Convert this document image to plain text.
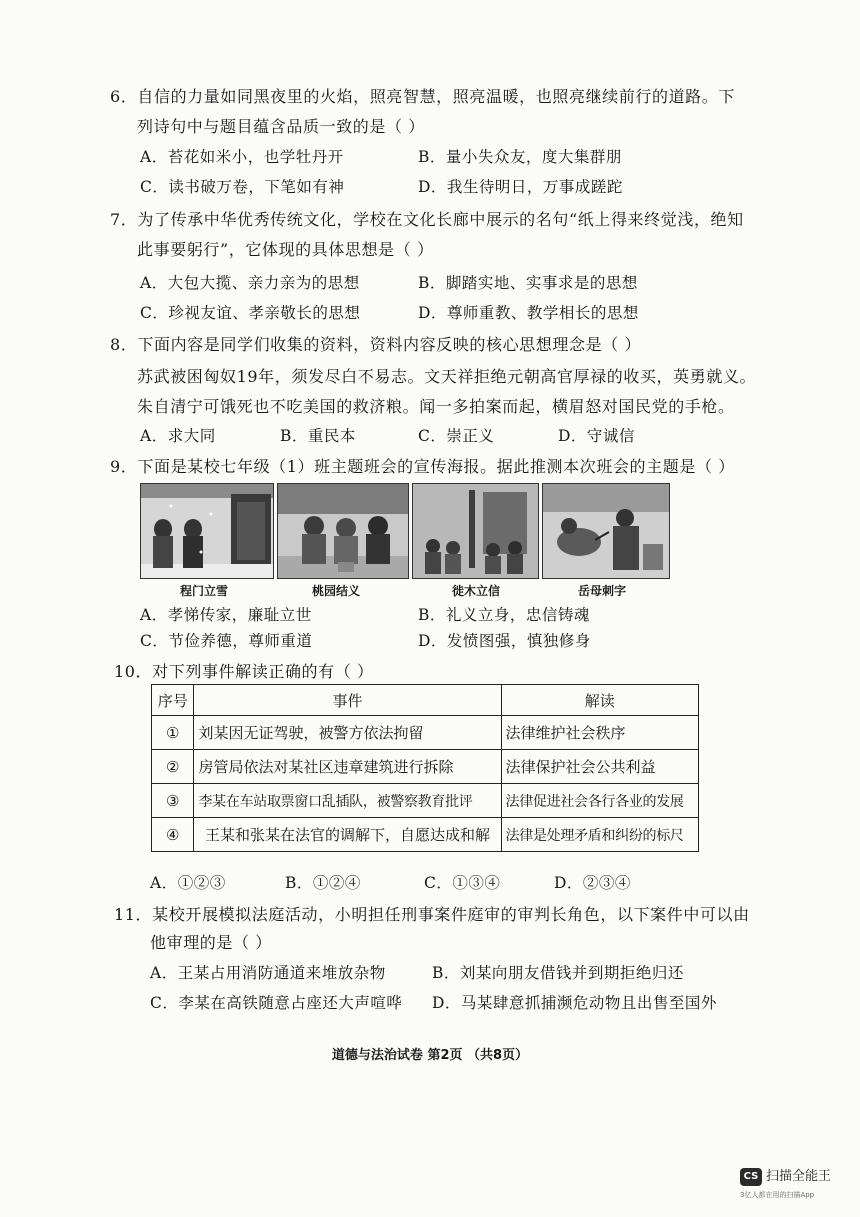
6．自信的力量如同黑夜里的火焰，照亮智慧，照亮温暖，也照亮继续前行的道路。下
列诗句中与题目蕴含品质一致的是（ ）
A．苔花如米小，也学牡丹开	B．量小失众友，度大集群朋
C．读书破万卷，下笔如有神	D．我生待明日，万事成蹉跎
7．为了传承中华优秀传统文化，学校在文化长廊中展示的名句“纸上得来终觉浅，绝知
此事要躬行”，它体现的具体思想是（ ）
A．大包大揽、亲力亲为的思想	B．脚踏实地、实事求是的思想
C．珍视友谊、孝亲敬长的思想	D．尊师重教、教学相长的思想
8．下面内容是同学们收集的资料，资料内容反映的核心思想理念是（ ）
苏武被困匈奴19年，须发尽白不易志。文天祥拒绝元朝高官厚禄的收买，英勇就义。
朱自清宁可饿死也不吃美国的救济粮。闻一多拍案而起，横眉怒对国民党的手枪。
A．求大同	B．重民本	C．崇正义	D．守诚信
9．下面是某校七年级（1）班主题班会的宣传海报。据此推测本次班会的主题是（ ）
程门立雪	桃园结义	徙木立信	岳母刺字
A．孝悌传家，廉耻立世	B．礼义立身，忠信铸魂
C．节俭养德，尊师重道	D．发愤图强，慎独修身
10．对下列事件解读正确的有（ ）
序号	事件	解读
①	刘某因无证驾驶，被警方依法拘留	法律维护社会秩序
②	房管局依法对某社区违章建筑进行拆除	法律保护社会公共利益
③	李某在车站取票窗口乱插队，被警察教育批评	法律促进社会各行各业的发展
④	王某和张某在法官的调解下，自愿达成和解	法律是处理矛盾和纠纷的标尺
A．①②③	B．①②④	C．①③④	D．②③④
11．某校开展模拟法庭活动，小明担任刑事案件庭审的审判长角色，以下案件中可以由
他审理的是（ ）
A．王某占用消防通道来堆放杂物	B．刘某向朋友借钱并到期拒绝归还
C．李某在高铁随意占座还大声喧哗 D．马某肆意抓捕濒危动物且出售至国外
道德与法治试卷 第2页 （共8页）
CS 扫描全能王
3亿人都在用的扫描App
